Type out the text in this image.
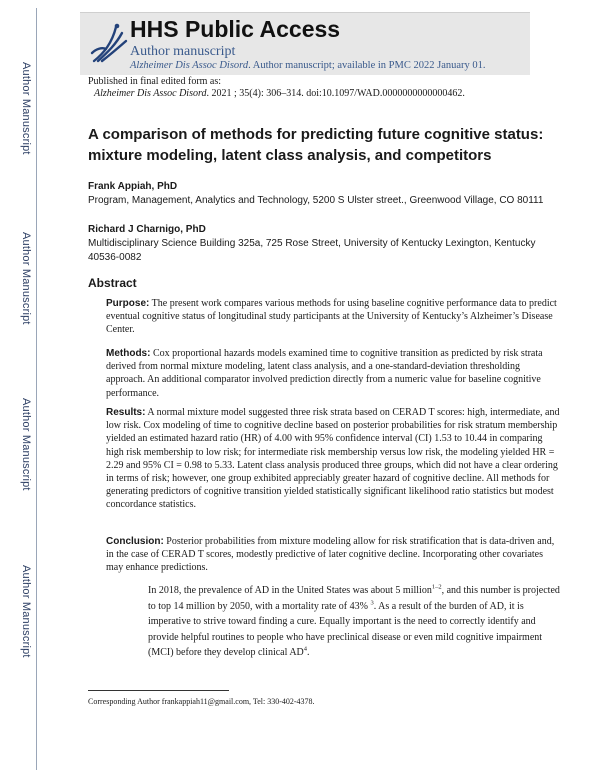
Author Manuscript
Author Manuscript
Author Manuscript
Author Manuscript
HHS Public Access
Author manuscript
Alzheimer Dis Assoc Disord. Author manuscript; available in PMC 2022 January 01.
Published in final edited form as:
Alzheimer Dis Assoc Disord. 2021 ; 35(4): 306–314. doi:10.1097/WAD.0000000000000462.
A comparison of methods for predicting future cognitive status: mixture modeling, latent class analysis, and competitors
Frank Appiah, PhD
Program, Management, Analytics and Technology, 5200 S Ulster street., Greenwood Village, CO 80111
Richard J Charnigo, PhD
Multidisciplinary Science Building 325a, 725 Rose Street, University of Kentucky Lexington, Kentucky 40536-0082
Abstract
Purpose: The present work compares various methods for using baseline cognitive performance data to predict eventual cognitive status of longitudinal study participants at the University of Kentucky’s Alzheimer’s Disease Center.
Methods: Cox proportional hazards models examined time to cognitive transition as predicted by risk strata derived from normal mixture modeling, latent class analysis, and a one-standard-deviation thresholding approach. An additional comparator involved prediction directly from a numeric value for baseline cognitive performance.
Results: A normal mixture model suggested three risk strata based on CERAD T scores: high, intermediate, and low risk. Cox modeling of time to cognitive decline based on posterior probabilities for risk stratum membership yielded an estimated hazard ratio (HR) of 4.00 with 95% confidence interval (CI) 1.53 to 10.44 in comparing high risk membership to low risk; for intermediate risk membership versus low risk, the modeling yielded HR = 2.29 and 95% CI = 0.98 to 5.33. Latent class analysis produced three groups, which did not have a clear ordering in terms of risk; however, one group exhibited appreciably greater hazard of cognitive decline. All methods for generating predictors of cognitive transition yielded statistically significant likelihood ratio statistics but modest concordance statistics.
Conclusion: Posterior probabilities from mixture modeling allow for risk stratification that is data-driven and, in the case of CERAD T scores, modestly predictive of later cognitive decline. Incorporating other covariates may enhance predictions.
In 2018, the prevalence of AD in the United States was about 5 million$^{1-2}$, and this number is projected to top 14 million by 2050, with a mortality rate of 43% $^3$. As a result of the burden of AD, it is imperative to strive toward finding a cure. Equally important is the need to correctly identify and provide helpful routines to people who have preclinical disease or even mild cognitive impairment (MCI) before they develop clinical $AD^4$.
Corresponding Author frankappiah11@gmail.com, Tel: 330-402-4378.
